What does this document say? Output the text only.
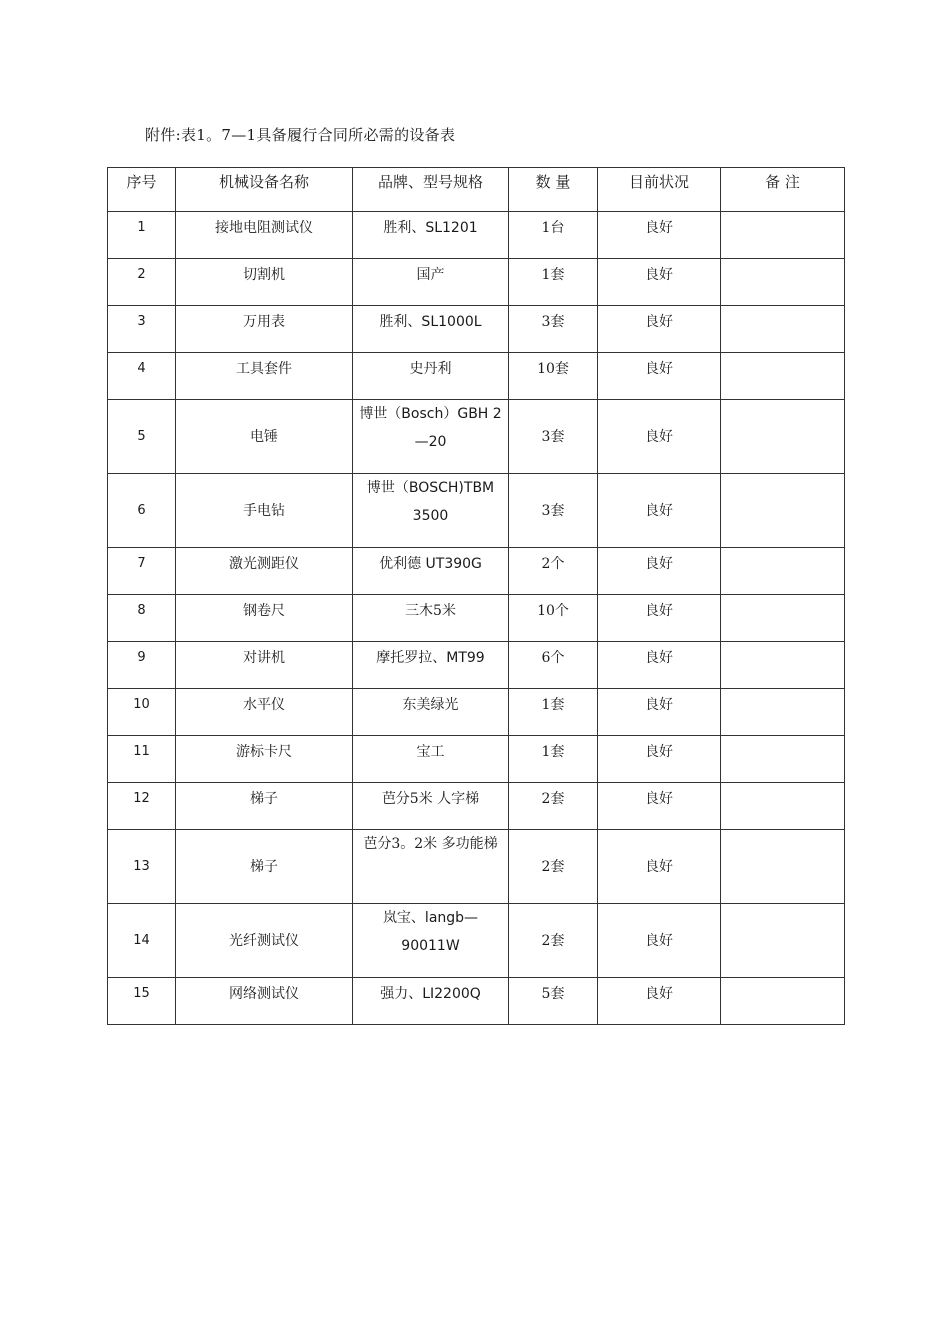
附件:表1。7—1具备履行合同所必需的设备表
序号	机械设备名称	品牌、型号规格	数 量	目前状况	备 注
1	接地电阻测试仪	胜利、SL1201	1台	良好	
2	切割机	国产	1套	良好	
3	万用表	胜利、SL1000L	3套	良好	
4	工具套件	史丹利	10套	良好	
5	电锤	博世（Bosch）GBH 2—20	3套	良好	
6	手电钻	博世（BOSCH)TBM 3500	3套	良好	
7	激光测距仪	优利德 UT390G	2个	良好	
8	钢卷尺	三木5米	10个	良好	
9	对讲机	摩托罗拉、MT99	6个	良好	
10	水平仪	东美绿光	1套	良好	
11	游标卡尺	宝工	1套	良好	
12	梯子	芭分5米 人字梯	2套	良好	
13	梯子	芭分3。2米 多功能梯	2套	良好	
14	光纤测试仪	岚宝、langb—90011W	2套	良好	
15	网络测试仪	强力、LI2200Q	5套	良好	
